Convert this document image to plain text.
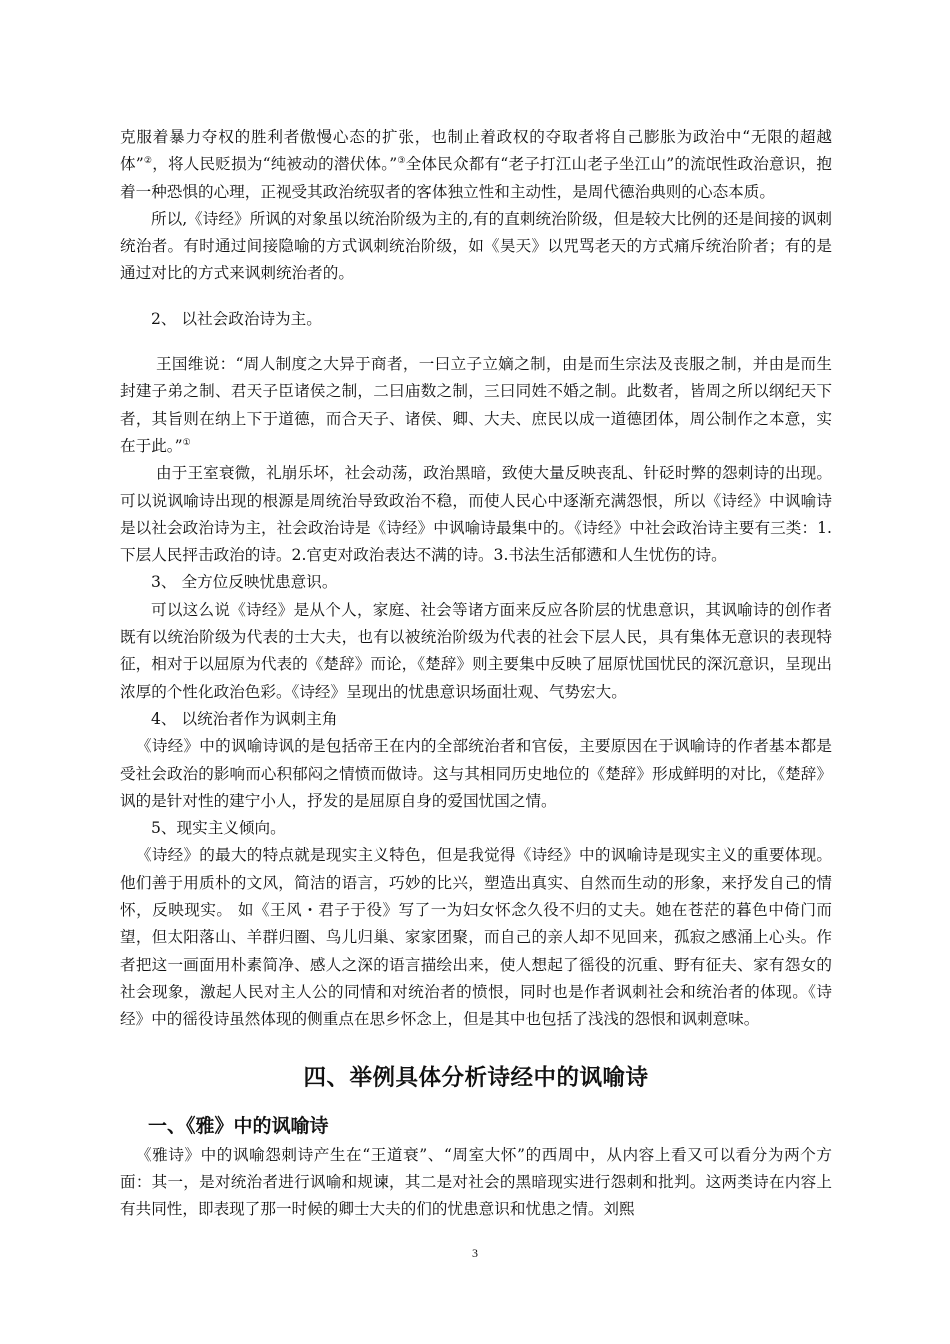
克服着暴力夺权的胜利者傲慢心态的扩张，也制止着政权的夺取者将自己膨胀为政治中“无限的超越体”②，将人民贬损为“纯被动的潜伏体。”③全体民众都有“老子打江山老子坐江山”的流氓性政治意识，抱着一种恐惧的心理，正视受其政治统驭者的客体独立性和主动性，是周代德治典则的心态本质。

所以,《诗经》所讽的对象虽以统治阶级为主的,有的直刺统治阶级，但是较大比例的还是间接的讽刺统治者。有时通过间接隐喻的方式讽刺统治阶级，如《昊天》以咒骂老天的方式痛斥统治阶者；有的是通过对比的方式来讽刺统治者的。

2、 以社会政治诗为主。

王国维说：“周人制度之大异于商者，一曰立子立嫡之制，由是而生宗法及丧服之制，并由是而生封建子弟之制、君天子臣诸侯之制，二曰庙数之制，三曰同姓不婚之制。此数者，皆周之所以纲纪天下者，其旨则在纳上下于道德，而合天子、诸侯、卿、大夫、庶民以成一道德团体，周公制作之本意，实在于此。”①

由于王室衰微，礼崩乐坏，社会动荡，政治黑暗，致使大量反映丧乱、针砭时弊的怨刺诗的出现。可以说讽喻诗出现的根源是周统治导致政治不稳，而使人民心中逐渐充满怨恨，所以《诗经》中讽喻诗是以社会政治诗为主，社会政治诗是《诗经》中讽喻诗最集中的。《诗经》中社会政治诗主要有三类：1.下层人民抨击政治的诗。2.官吏对政治表达不满的诗。3.书法生活郁懑和人生忧伤的诗。

3、 全方位反映忧患意识。

可以这么说《诗经》是从个人，家庭、社会等诸方面来反应各阶层的忧患意识，其讽喻诗的创作者既有以统治阶级为代表的士大夫，也有以被统治阶级为代表的社会下层人民，具有集体无意识的表现特征，相对于以屈原为代表的《楚辞》而论，《楚辞》则主要集中反映了屈原忧国忧民的深沉意识，呈现出浓厚的个性化政治色彩。《诗经》呈现出的忧患意识场面壮观、气势宏大。

4、 以统治者作为讽刺主角

《诗经》中的讽喻诗讽的是包括帝王在内的全部统治者和官佞，主要原因在于讽喻诗的作者基本都是受社会政治的影响而心积郁闷之情愤而做诗。这与其相同历史地位的《楚辞》形成鲜明的对比，《楚辞》讽的是针对性的建宁小人，抒发的是屈原自身的爱国忧国之情。

5、现实主义倾向。

《诗经》的最大的特点就是现实主义特色，但是我觉得《诗经》中的讽喻诗是现实主义的重要体现。他们善于用质朴的文风，简洁的语言，巧妙的比兴，塑造出真实、自然而生动的形象，来抒发自己的情怀，反映现实。 如《王风・君子于役》写了一为妇女怀念久役不归的丈夫。她在苍茫的暮色中倚门而望，但太阳落山、羊群归圈、鸟儿归巢、家家团聚，而自己的亲人却不见回来，孤寂之感涌上心头。作者把这一画面用朴素简净、感人之深的语言描绘出来，使人想起了徭役的沉重、野有征夫、家有怨女的社会现象，激起人民对主人公的同情和对统治者的愤恨，同时也是作者讽刺社会和统治者的体现。《诗经》中的徭役诗虽然体现的侧重点在思乡怀念上，但是其中也包括了浅浅的怨恨和讽刺意味。

四、举例具体分析诗经中的讽喻诗
一、《雅》中的讽喻诗

《雅诗》中的讽喻怨刺诗产生在“王道衰”、“周室大怀”的西周中，从内容上看又可以看分为两个方面：其一，是对统治者进行讽喻和规谏，其二是对社会的黑暗现实进行怨刺和批判。这两类诗在内容上有共同性，即表现了那一时候的卿士大夫的们的忧患意识和忧患之情。刘熙

3
